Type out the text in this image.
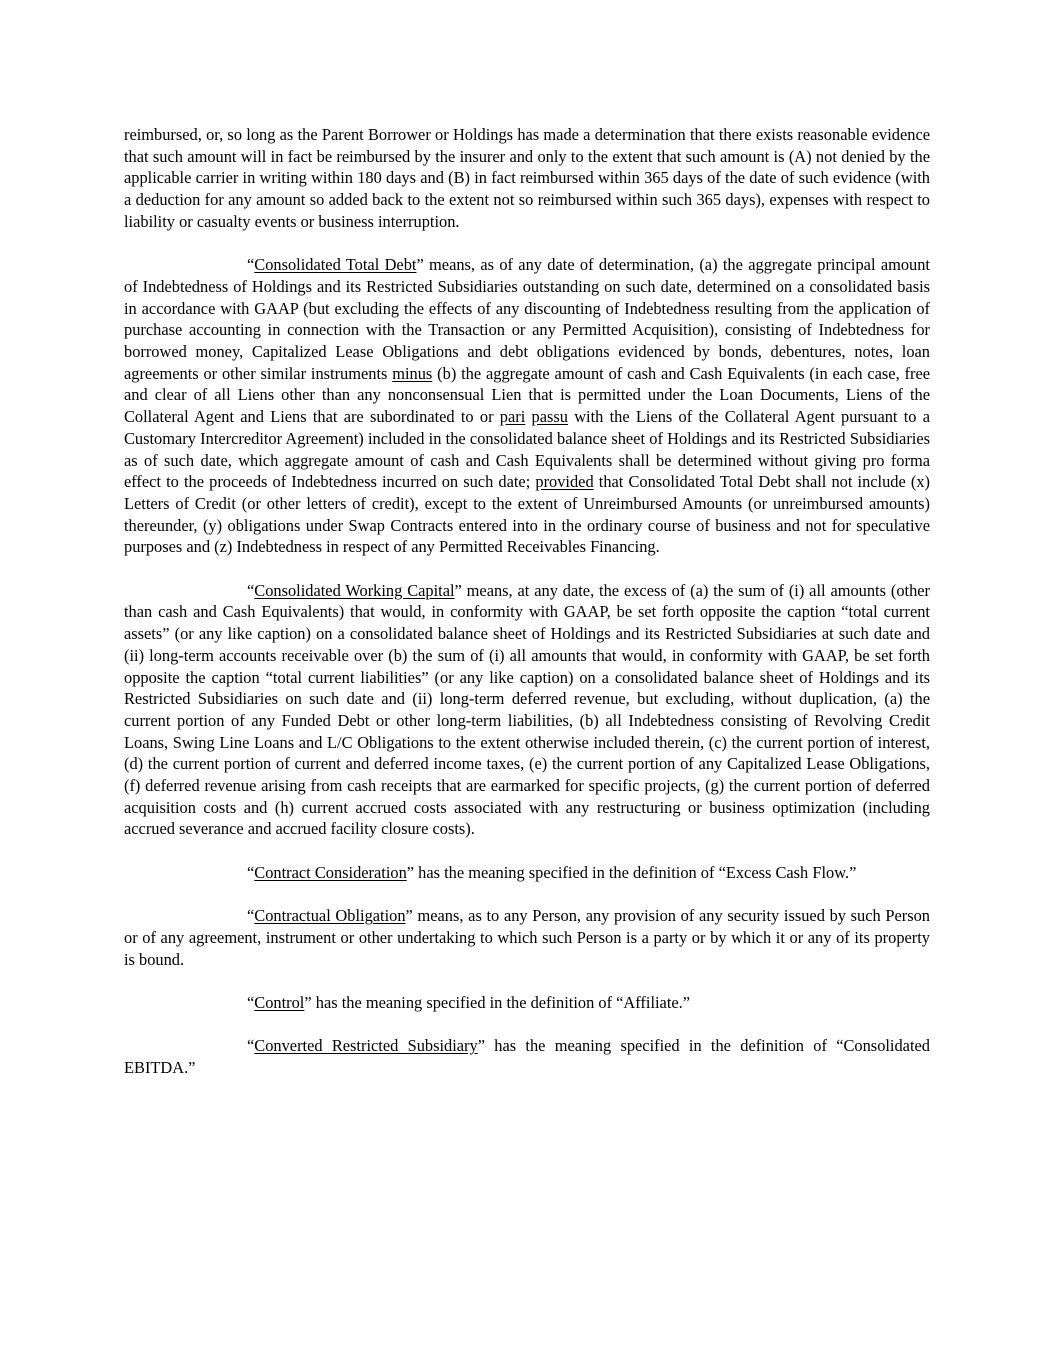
reimbursed, or, so long as the Parent Borrower or Holdings has made a determination that there exists reasonable evidence that such amount will in fact be reimbursed by the insurer and only to the extent that such amount is (A) not denied by the applicable carrier in writing within 180 days and (B) in fact reimbursed within 365 days of the date of such evidence (with a deduction for any amount so added back to the extent not so reimbursed within such 365 days), expenses with respect to liability or casualty events or business interruption.

“Consolidated Total Debt” means, as of any date of determination, (a) the aggregate principal amount of Indebtedness of Holdings and its Restricted Subsidiaries outstanding on such date, determined on a consolidated basis in accordance with GAAP (but excluding the effects of any discounting of Indebtedness resulting from the application of purchase accounting in connection with the Transaction or any Permitted Acquisition), consisting of Indebtedness for borrowed money, Capitalized Lease Obligations and debt obligations evidenced by bonds, debentures, notes, loan agreements or other similar instruments minus (b) the aggregate amount of cash and Cash Equivalents (in each case, free and clear of all Liens other than any nonconsensual Lien that is permitted under the Loan Documents, Liens of the Collateral Agent and Liens that are subordinated to or pari passu with the Liens of the Collateral Agent pursuant to a Customary Intercreditor Agreement) included in the consolidated balance sheet of Holdings and its Restricted Subsidiaries as of such date, which aggregate amount of cash and Cash Equivalents shall be determined without giving pro forma effect to the proceeds of Indebtedness incurred on such date; provided that Consolidated Total Debt shall not include (x) Letters of Credit (or other letters of credit), except to the extent of Unreimbursed Amounts (or unreimbursed amounts) thereunder, (y) obligations under Swap Contracts entered into in the ordinary course of business and not for speculative purposes and (z) Indebtedness in respect of any Permitted Receivables Financing.

“Consolidated Working Capital” means, at any date, the excess of (a) the sum of (i) all amounts (other than cash and Cash Equivalents) that would, in conformity with GAAP, be set forth opposite the caption “total current assets” (or any like caption) on a consolidated balance sheet of Holdings and its Restricted Subsidiaries at such date and (ii) long-term accounts receivable over (b) the sum of (i) all amounts that would, in conformity with GAAP, be set forth opposite the caption “total current liabilities” (or any like caption) on a consolidated balance sheet of Holdings and its Restricted Subsidiaries on such date and (ii) long-term deferred revenue, but excluding, without duplication, (a) the current portion of any Funded Debt or other long-term liabilities, (b) all Indebtedness consisting of Revolving Credit Loans, Swing Line Loans and L/C Obligations to the extent otherwise included therein, (c) the current portion of interest, (d) the current portion of current and deferred income taxes, (e) the current portion of any Capitalized Lease Obligations, (f) deferred revenue arising from cash receipts that are earmarked for specific projects, (g) the current portion of deferred acquisition costs and (h) current accrued costs associated with any restructuring or business optimization (including accrued severance and accrued facility closure costs).

“Contract Consideration” has the meaning specified in the definition of “Excess Cash Flow.”

“Contractual Obligation” means, as to any Person, any provision of any security issued by such Person or of any agreement, instrument or other undertaking to which such Person is a party or by which it or any of its property is bound.

“Control” has the meaning specified in the definition of “Affiliate.”

“Converted Restricted Subsidiary” has the meaning specified in the definition of “Consolidated EBITDA.”
